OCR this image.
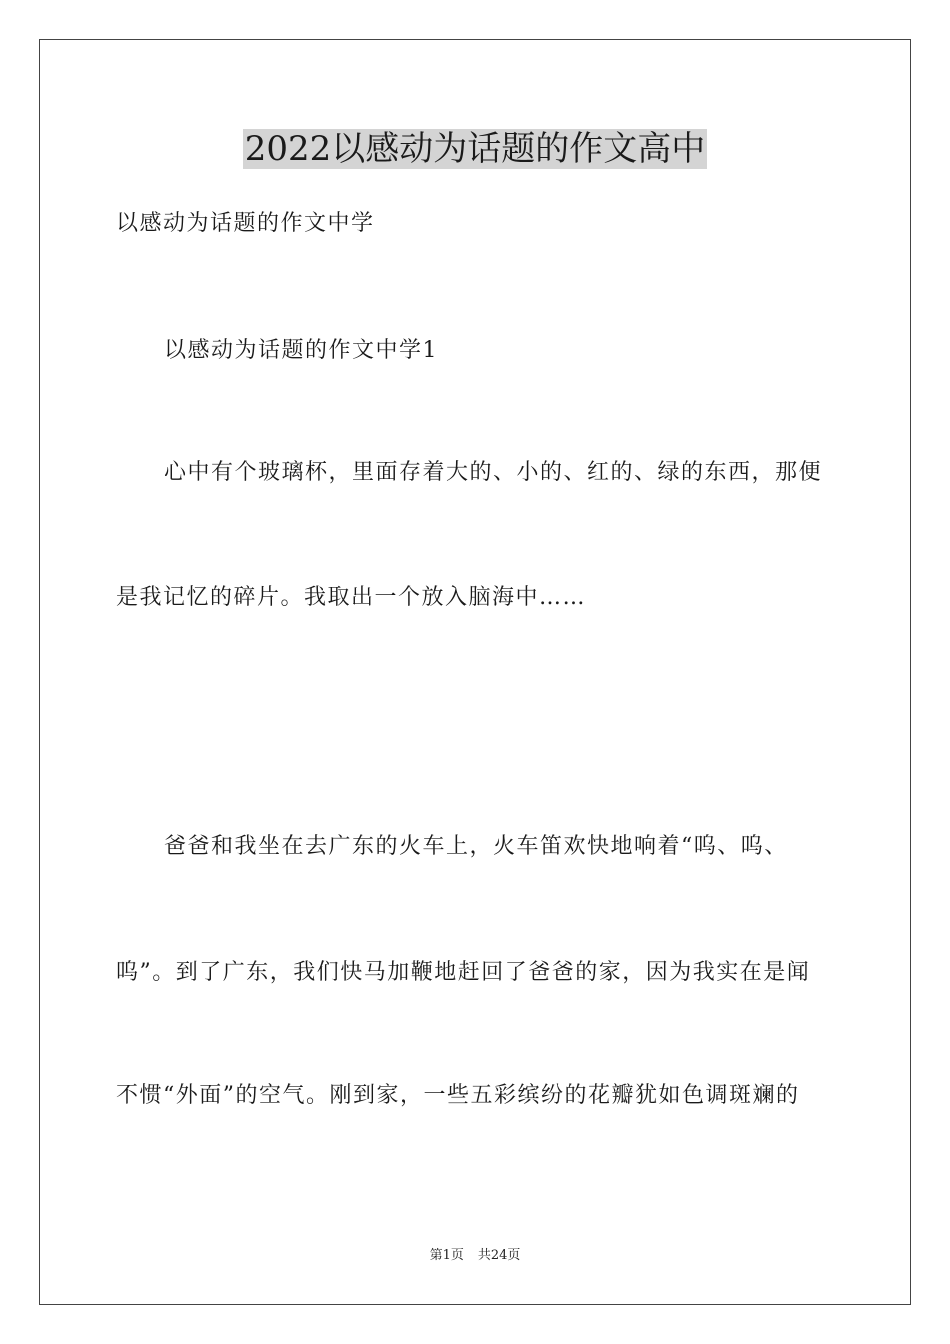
2022以感动为话题的作文高中
以感动为话题的作文中学
以感动为话题的作文中学1
心中有个玻璃杯，里面存着大的、小的、红的、绿的东西，那便
是我记忆的碎片。我取出一个放入脑海中……
爸爸和我坐在去广东的火车上，火车笛欢快地响着“呜、呜、
呜”。到了广东，我们快马加鞭地赶回了爸爸的家，因为我实在是闻
不惯“外面”的空气。刚到家，一些五彩缤纷的花瓣犹如色调斑斓的
第1页 共24页
